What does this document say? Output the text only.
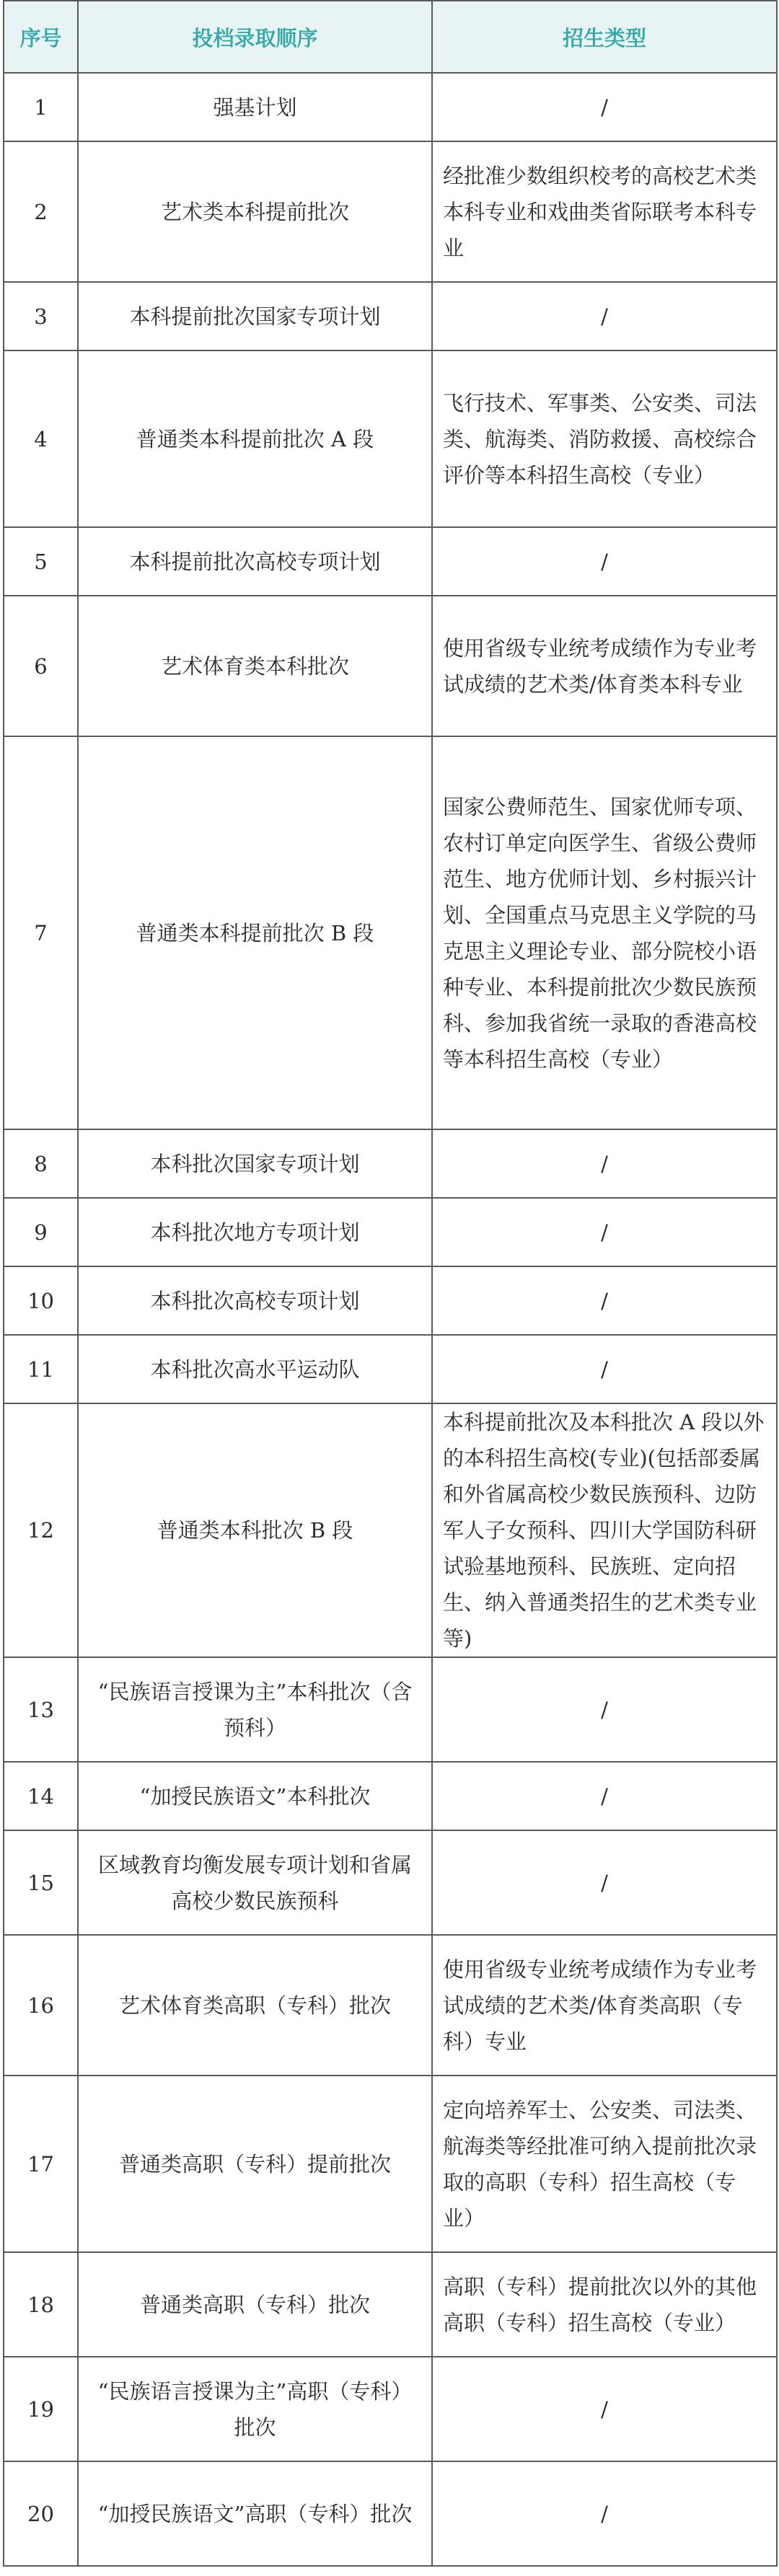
序号	投档录取顺序	招生类型
1	强基计划	/
2	艺术类本科提前批次	经批准少数组织校考的高校艺术类本科专业和戏曲类省际联考本科专业
3	本科提前批次国家专项计划	/
4	普通类本科提前批次 A 段	飞行技术、军事类、公安类、司法类、航海类、消防救援、高校综合评价等本科招生高校（专业）
5	本科提前批次高校专项计划	/
6	艺术体育类本科批次	使用省级专业统考成绩作为专业考试成绩的艺术类/体育类本科专业
7	普通类本科提前批次 B 段	国家公费师范生、国家优师专项、农村订单定向医学生、省级公费师范生、地方优师计划、乡村振兴计划、全国重点马克思主义学院的马克思主义理论专业、部分院校小语种专业、本科提前批次少数民族预科、参加我省统一录取的香港高校等本科招生高校（专业）
8	本科批次国家专项计划	/
9	本科批次地方专项计划	/
10	本科批次高校专项计划	/
11	本科批次高水平运动队	/
12	普通类本科批次 B 段	本科提前批次及本科批次 A 段以外的本科招生高校(专业)(包括部委属和外省属高校少数民族预科、边防军人子女预科、四川大学国防科研试验基地预科、民族班、定向招生、纳入普通类招生的艺术类专业等)
13	“民族语言授课为主”本科批次（含预科）	/
14	“加授民族语文”本科批次	/
15	区域教育均衡发展专项计划和省属高校少数民族预科	/
16	艺术体育类高职（专科）批次	使用省级专业统考成绩作为专业考试成绩的艺术类/体育类高职（专科）专业
17	普通类高职（专科）提前批次	定向培养军士、公安类、司法类、航海类等经批准可纳入提前批次录取的高职（专科）招生高校（专业）
18	普通类高职（专科）批次	高职（专科）提前批次以外的其他高职（专科）招生高校（专业）
19	“民族语言授课为主”高职（专科）批次	/
20	“加授民族语文”高职（专科）批次	/
